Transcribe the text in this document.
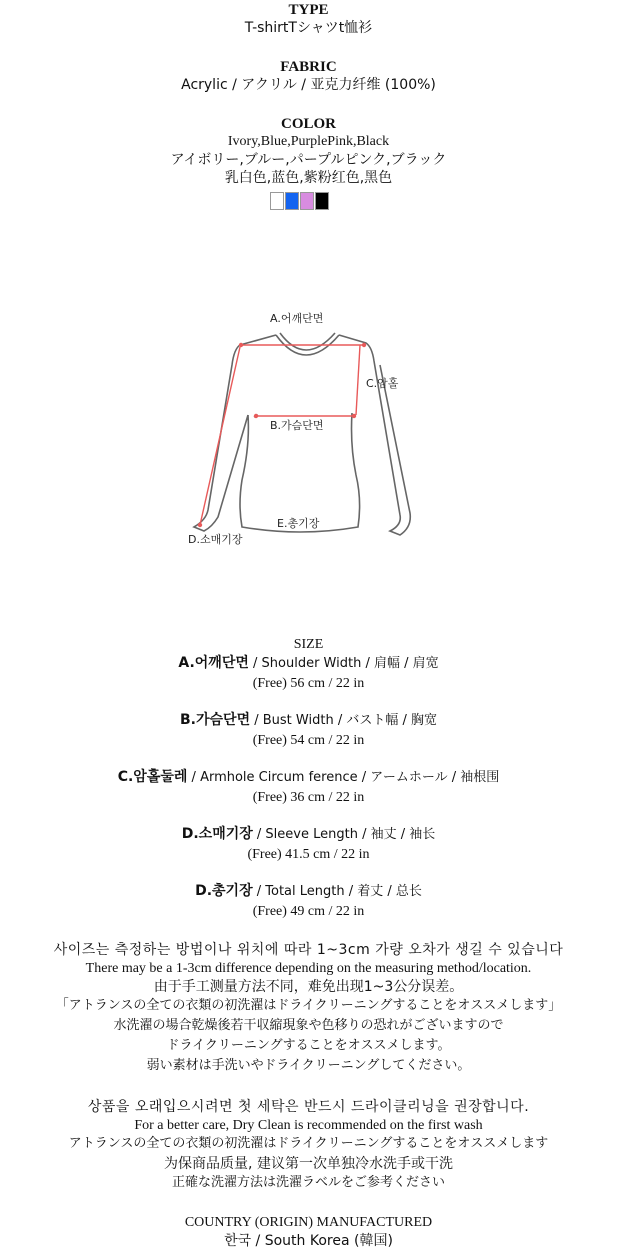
TYPE
T-shirtTシャツt恤衫
FABRIC
Acrylic / アクリル / 亚克力纤维 (100%)
COLOR
Ivory,Blue,PurplePink,Black
アイボリー,ブルー,パープルピンク,ブラック
乳白色,蓝色,紫粉红色,黑色
A.어깨단면
C.암홀
B.가슴단면
E.총기장
D.소매기장
SIZE
A.어깨단면 / Shoulder Width / 肩幅 / 肩宽
(Free) 56 cm / 22 in
B.가슴단면 / Bust Width / バスト幅 / 胸宽
(Free) 54 cm / 22 in
C.암홀둘레 / Armhole Circum ference / アームホール / 袖根围
(Free) 36 cm / 22 in
D.소매기장 / Sleeve Length / 袖丈 / 袖长
(Free) 41.5 cm / 22 in
D.총기장 / Total Length / 着丈 / 总长
(Free) 49 cm / 22 in
사이즈는 측정하는 방법이나 위치에 따라 1~3cm 가량 오차가 생길 수 있습니다
There may be a 1-3cm difference depending on the measuring method/location.
由于手工测量方法不同，难免出现1~3公分误差。
「アトランスの全ての衣類の初洗濯はドライクリーニングすることをオススメします」
水洗濯の場合乾燥後若干収縮現象や色移りの恐れがございますので
ドライクリーニングすることをオススメします。
弱い素材は手洗いやドライクリーニングしてください。
상품을 오래입으시려면 첫 세탁은 반드시 드라이클리닝을 권장합니다.
For a better care, Dry Clean is recommended on the first wash
アトランスの全ての衣類の初洗濯はドライクリーニングすることをオススメします
为保商品质量, 建议第一次单独冷水洗手或干洗
正確な洗濯方法は洗濯ラベルをご参考ください
COUNTRY (ORIGIN) MANUFACTURED
한국 / South Korea (韓国)
